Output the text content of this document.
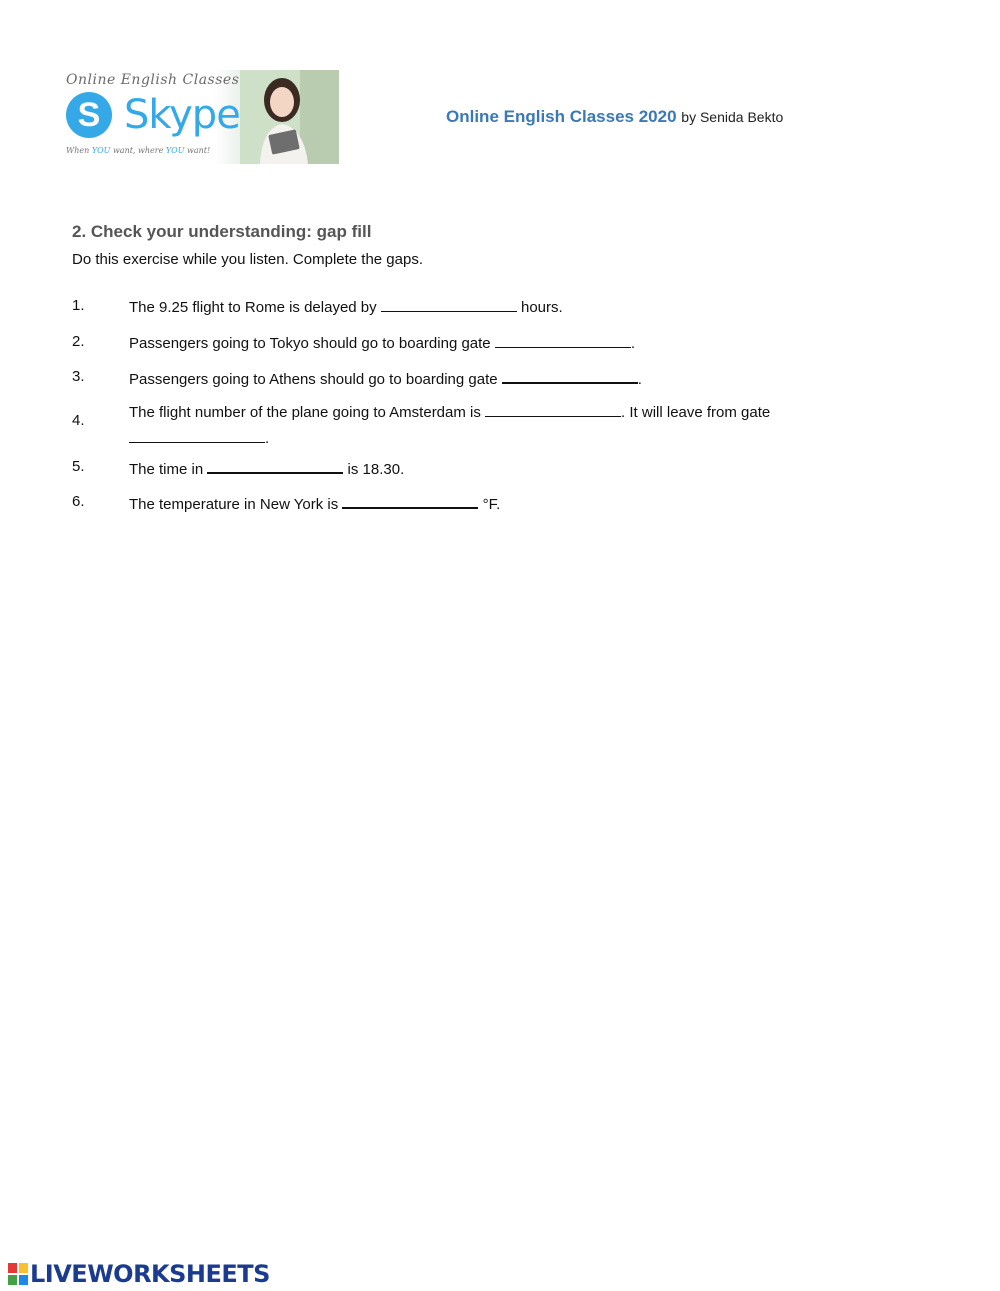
Online English Classes
S Skype
When YOU want, where YOU want!
Online English Classes 2020 by Senida Bekto
2. Check your understanding: gap fill
Do this exercise while you listen. Complete the gaps.
1.	The 9.25 flight to Rome is delayed by	hours.
2.	Passengers going to Tokyo should go to boarding gate	.
3.	Passengers going to Athens should go to boarding gate	.
4.	The flight number of the plane going to Amsterdam is	. It will leave from gate
.
5.	The time in	is 18.30.
6.	The temperature in New York is	°F.
LIVEWORKSHEETS
